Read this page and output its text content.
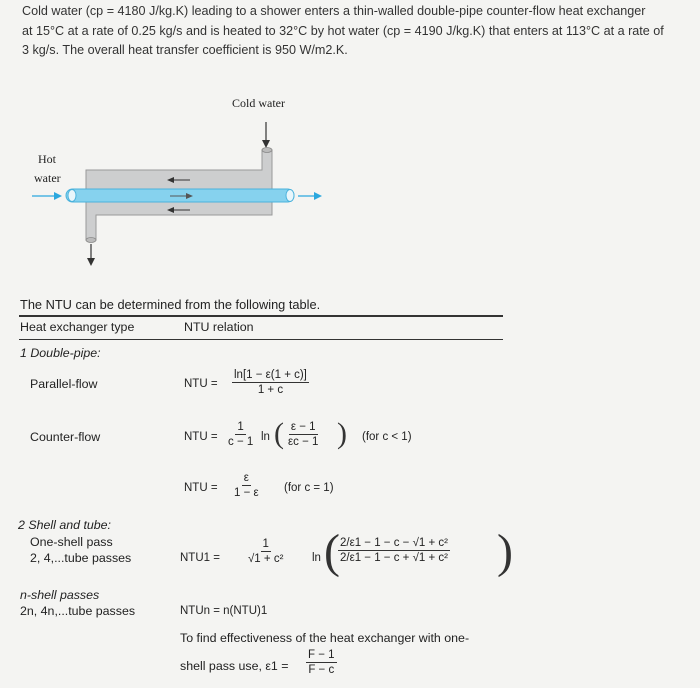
Cold water (cp = 4180 J/kg.K) leading to a shower enters a thin-walled double-pipe counter-flow heat exchanger
at 15°C at a rate of 0.25 kg/s and is heated to 32°C by hot water (cp = 4190 J/kg.K) that enters at 113°C at a rate of
3 kg/s. The overall heat transfer coefficient is 950 W/m2.K.
Cold water
Hot
water
The NTU can be determined from the following table.
Heat exchanger type	NTU relation
1 Double-pipe:
Parallel-flow	NTU = $\frac{\ln[1 - \varepsilon(1 + c)]}{1 + c}$
Counter-flow	NTU = $\frac{1}{c - 1}$ ln ( $\frac{\varepsilon - 1}{\varepsilon c - 1}$ ) (for c < 1)
NTU = $\frac{\varepsilon}{1 - \varepsilon} (for$ c = 1)
2 Shell and tube:
One-shell pass
2, 4,...tube passes	$NTU1 = \frac{1}{\text{√1 + c²}}$ ln (
$\frac{\text{2/ε1 − 1 − c − √1 + c²}}{\text{2/ε1 − 1 − c + √1 + c²}}$ )
n-shell passes
2n, 4n,...tube passes	NTUn = n(NTU)1
To find effectiveness of the heat exchanger with one-
shell pass use, $\varepsilon 1 = \frac{F - 1}{F - c}$
